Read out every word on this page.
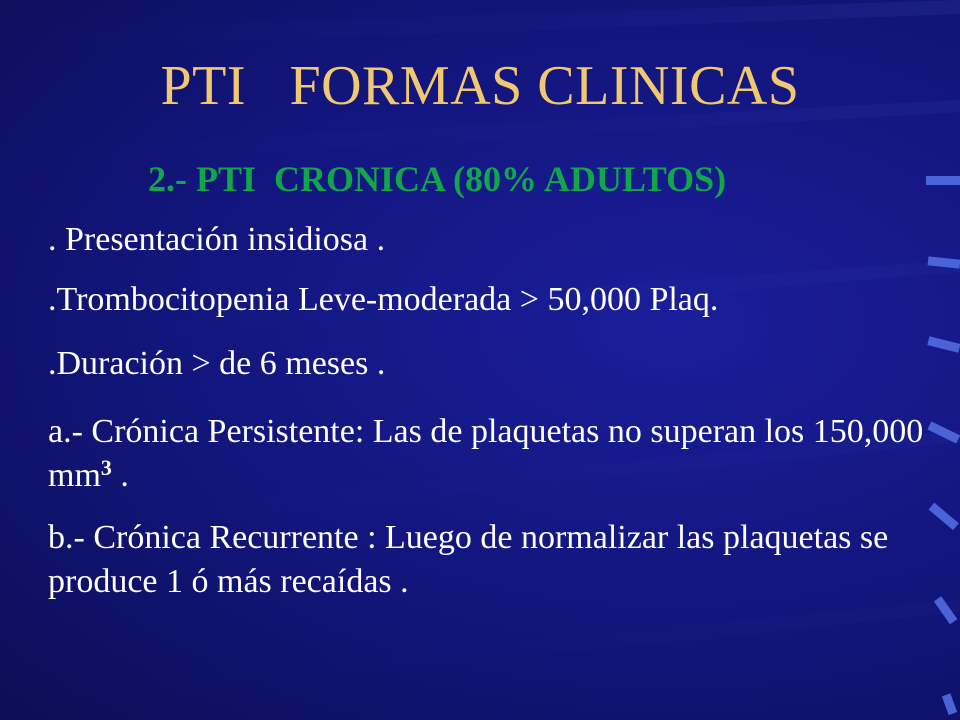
PTI   FORMAS CLINICAS
2.- PTI  CRONICA (80% ADULTOS)
. Presentación insidiosa .
.Trombocitopenia Leve-moderada > 50,000 Plaq.
.Duración > de 6 meses .
a.- Crónica Persistente: Las de plaquetas no superan los 150,000 $mm^3$ .
b.- Crónica Recurrente : Luego de normalizar las plaquetas se produce 1 ó más recaídas .
